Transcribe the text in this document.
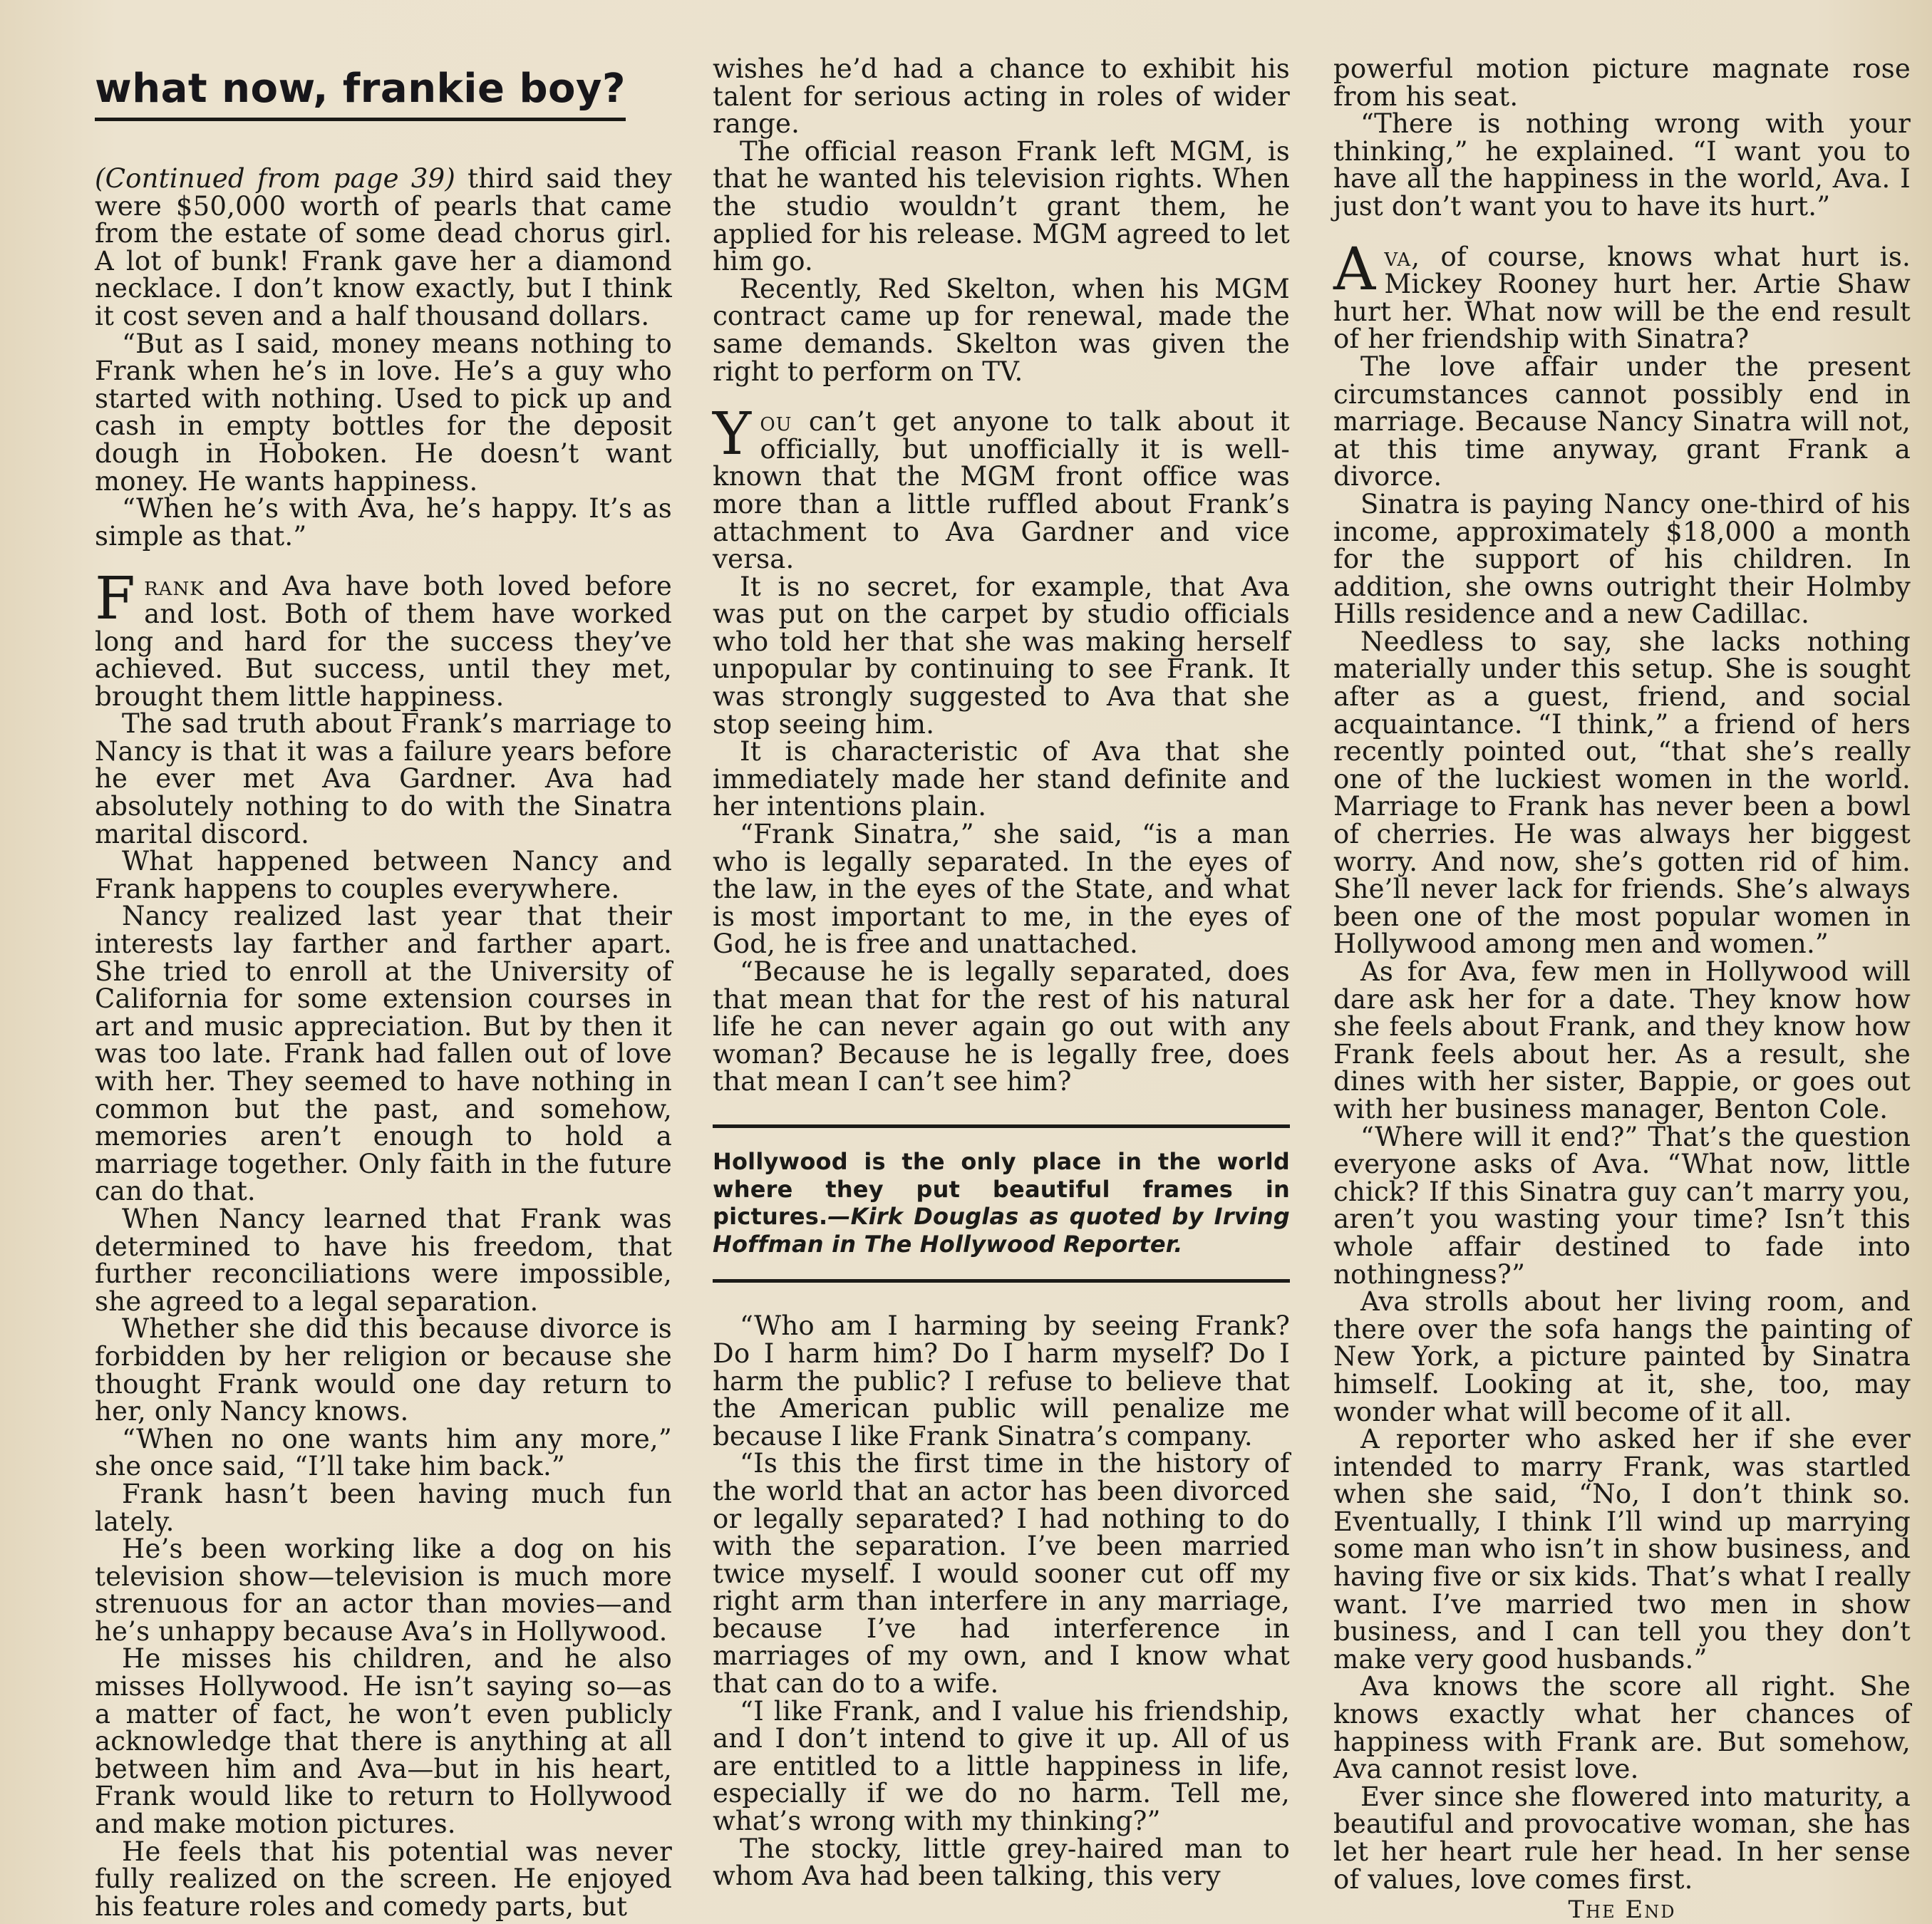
what now, frankie boy?

(Continued from page 39) third said they were $50,000 worth of pearls that came from the estate of some dead chorus girl. A lot of bunk! Frank gave her a diamond necklace. I don’t know exactly, but I think it cost seven and a half thousand dollars.

“But as I said, money means nothing to Frank when he’s in love. He’s a guy who started with nothing. Used to pick up and cash in empty bottles for the deposit dough in Hoboken. He doesn’t want money. He wants happiness.

“When he’s with Ava, he’s happy. It’s as simple as that.”

Frank and Ava have both loved before and lost. Both of them have worked long and hard for the success they’ve achieved. But success, until they met, brought them little happiness.

The sad truth about Frank’s marriage to Nancy is that it was a failure years before he ever met Ava Gardner. Ava had absolutely nothing to do with the Sinatra marital discord.

What happened between Nancy and Frank happens to couples everywhere.

Nancy realized last year that their interests lay farther and farther apart. She tried to enroll at the University of California for some extension courses in art and music appreciation. But by then it was too late. Frank had fallen out of love with her. They seemed to have nothing in common but the past, and somehow, memories aren’t enough to hold a marriage together. Only faith in the future can do that.

When Nancy learned that Frank was determined to have his freedom, that further reconciliations were impossible, she agreed to a legal separation.

Whether she did this because divorce is forbidden by her religion or because she thought Frank would one day return to her, only Nancy knows.

“When no one wants him any more,” she once said, “I’ll take him back.”

Frank hasn’t been having much fun lately.

He’s been working like a dog on his television show—television is much more strenuous for an actor than movies—and he’s unhappy because Ava’s in Hollywood.

He misses his children, and he also misses Hollywood. He isn’t saying so—as a matter of fact, he won’t even publicly acknowledge that there is anything at all between him and Ava—but in his heart, Frank would like to return to Hollywood and make motion pictures.

He feels that his potential was never fully realized on the screen. He enjoyed his feature roles and comedy parts, but

wishes he’d had a chance to exhibit his talent for serious acting in roles of wider range.

The official reason Frank left MGM, is that he wanted his television rights. When the studio wouldn’t grant them, he applied for his release. MGM agreed to let him go.

Recently, Red Skelton, when his MGM contract came up for renewal, made the same demands. Skelton was given the right to perform on TV.

You can’t get anyone to talk about it officially, but unofficially it is well-known that the MGM front office was more than a little ruffled about Frank’s attachment to Ava Gardner and vice versa.

It is no secret, for example, that Ava was put on the carpet by studio officials who told her that she was making herself unpopular by continuing to see Frank. It was strongly suggested to Ava that she stop seeing him.

It is characteristic of Ava that she immediately made her stand definite and her intentions plain.

“Frank Sinatra,” she said, “is a man who is legally separated. In the eyes of the law, in the eyes of the State, and what is most important to me, in the eyes of God, he is free and unattached.

“Because he is legally separated, does that mean that for the rest of his natural life he can never again go out with any woman? Because he is legally free, does that mean I can’t see him?

Hollywood is the only place in the world where they put beautiful frames in pictures.—Kirk Douglas as quoted by Irving Hoffman in The Hollywood Reporter.

“Who am I harming by seeing Frank? Do I harm him? Do I harm myself? Do I harm the public? I refuse to believe that the American public will penalize me because I like Frank Sinatra’s company.

“Is this the first time in the history of the world that an actor has been divorced or legally separated? I had nothing to do with the separation. I’ve been married twice myself. I would sooner cut off my right arm than interfere in any marriage, because I’ve had interference in marriages of my own, and I know what that can do to a wife.

“I like Frank, and I value his friendship, and I don’t intend to give it up. All of us are entitled to a little happiness in life, especially if we do no harm. Tell me, what’s wrong with my thinking?”

The stocky, little grey-haired man to whom Ava had been talking, this very

powerful motion picture magnate rose from his seat.

“There is nothing wrong with your thinking,” he explained. “I want you to have all the happiness in the world, Ava. I just don’t want you to have its hurt.”

Ava, of course, knows what hurt is. Mickey Rooney hurt her. Artie Shaw hurt her. What now will be the end result of her friendship with Sinatra?

The love affair under the present circumstances cannot possibly end in marriage. Because Nancy Sinatra will not, at this time anyway, grant Frank a divorce.

Sinatra is paying Nancy one-third of his income, approximately $18,000 a month for the support of his children. In addition, she owns outright their Holmby Hills residence and a new Cadillac.

Needless to say, she lacks nothing materially under this setup. She is sought after as a guest, friend, and social acquaintance. “I think,” a friend of hers recently pointed out, “that she’s really one of the luckiest women in the world. Marriage to Frank has never been a bowl of cherries. He was always her biggest worry. And now, she’s gotten rid of him. She’ll never lack for friends. She’s always been one of the most popular women in Hollywood among men and women.”

As for Ava, few men in Hollywood will dare ask her for a date. They know how she feels about Frank, and they know how Frank feels about her. As a result, she dines with her sister, Bappie, or goes out with her business manager, Benton Cole.

“Where will it end?” That’s the question everyone asks of Ava. “What now, little chick? If this Sinatra guy can’t marry you, aren’t you wasting your time? Isn’t this whole affair destined to fade into nothingness?”

Ava strolls about her living room, and there over the sofa hangs the painting of New York, a picture painted by Sinatra himself. Looking at it, she, too, may wonder what will become of it all.

A reporter who asked her if she ever intended to marry Frank, was startled when she said, “No, I don’t think so. Eventually, I think I’ll wind up marrying some man who isn’t in show business, and having five or six kids. That’s what I really want. I’ve married two men in show business, and I can tell you they don’t make very good husbands.”

Ava knows the score all right. She knows exactly what her chances of happiness with Frank are. But somehow, Ava cannot resist love.

Ever since she flowered into maturity, a beautiful and provocative woman, she has let her heart rule her head. In her sense of values, love comes first.

The End
